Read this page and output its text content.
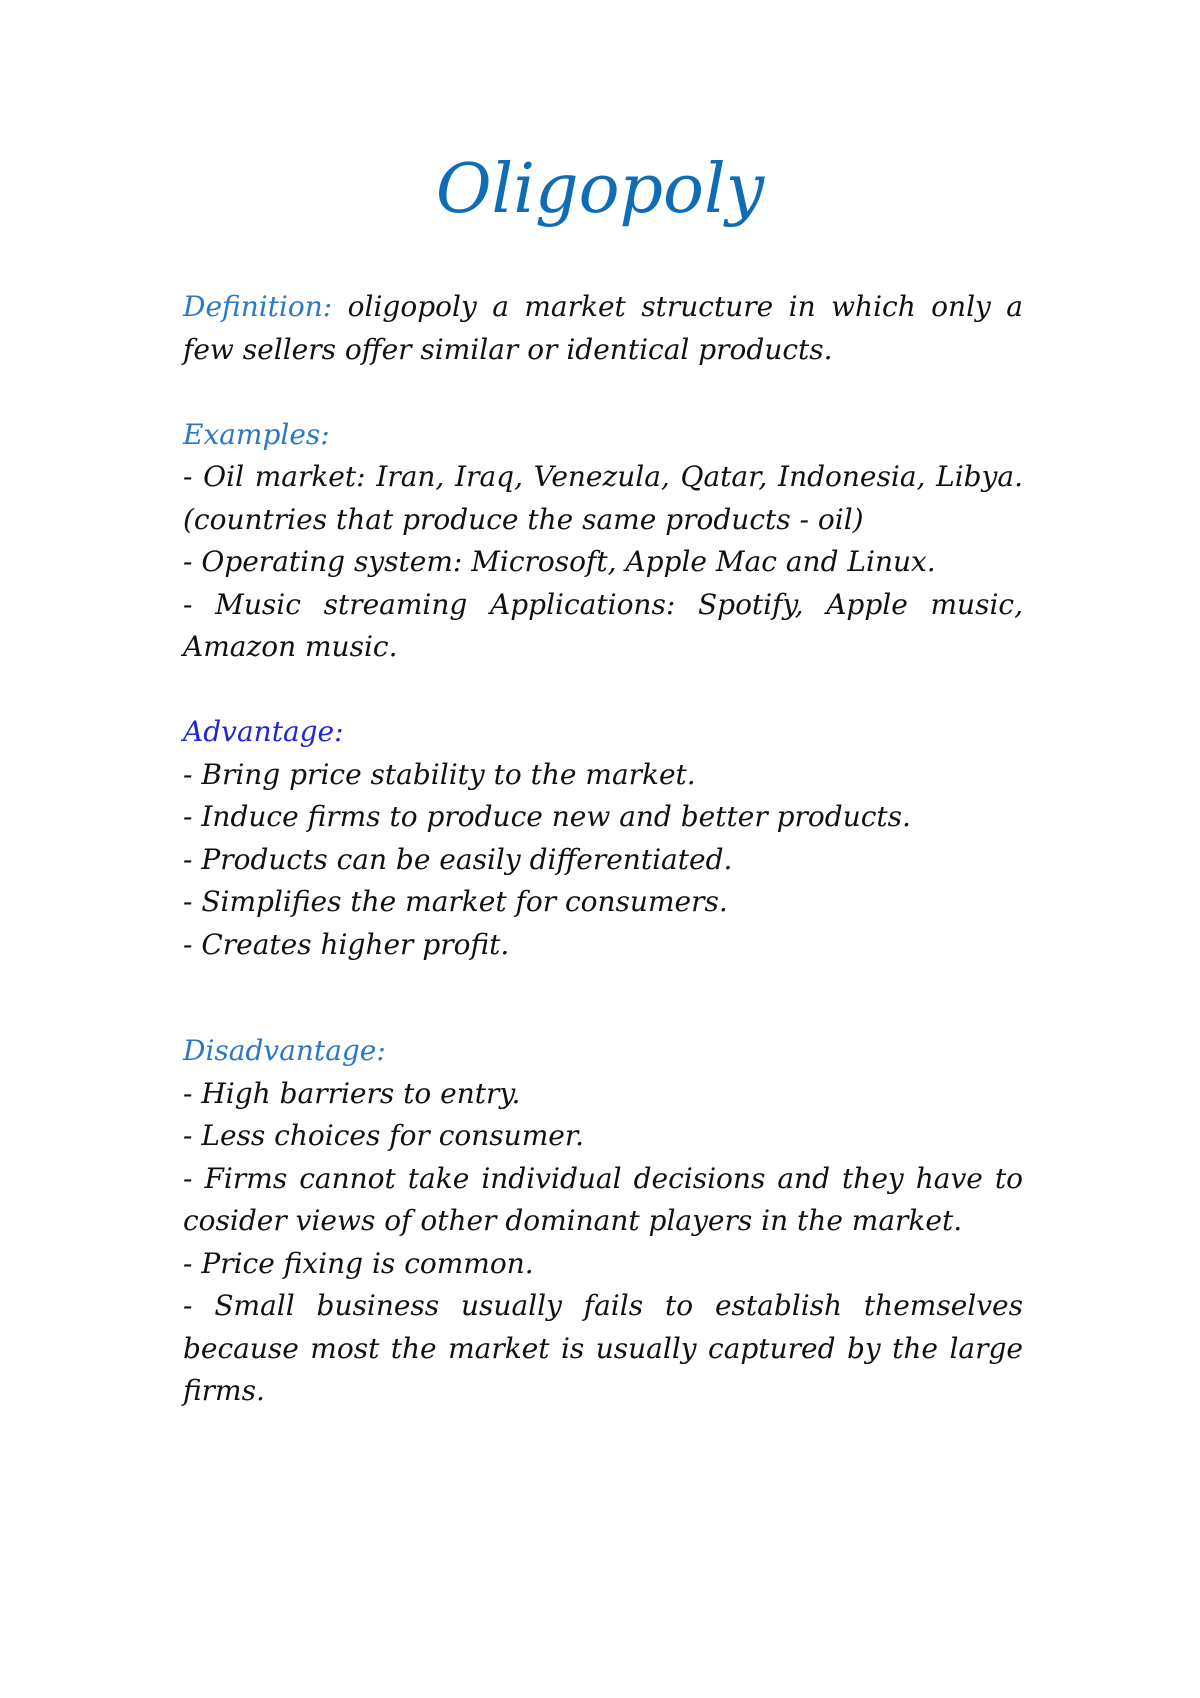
Oligopoly

Definition: oligopoly a market structure in which only a few sellers offer similar or identical products.

Examples:

- Oil market: Iran, Iraq, Venezula, Qatar, Indonesia, Libya. (countries that produce the same products - oil)

- Operating system: Microsoft, Apple Mac and Linux.

- Music streaming Applications: Spotify, Apple music, Amazon music.

Advantage:

- Bring price stability to the market.

- Induce firms to produce new and better products.

- Products can be easily differentiated.

- Simplifies the market for consumers.

- Creates higher profit.

Disadvantage:

- High barriers to entry.

- Less choices for consumer.

- Firms cannot take individual decisions and they have to cosider views of other dominant players in the market.

- Price fixing is common.

- Small business usually fails to establish themselves because most the market is usually captured by the large firms.
